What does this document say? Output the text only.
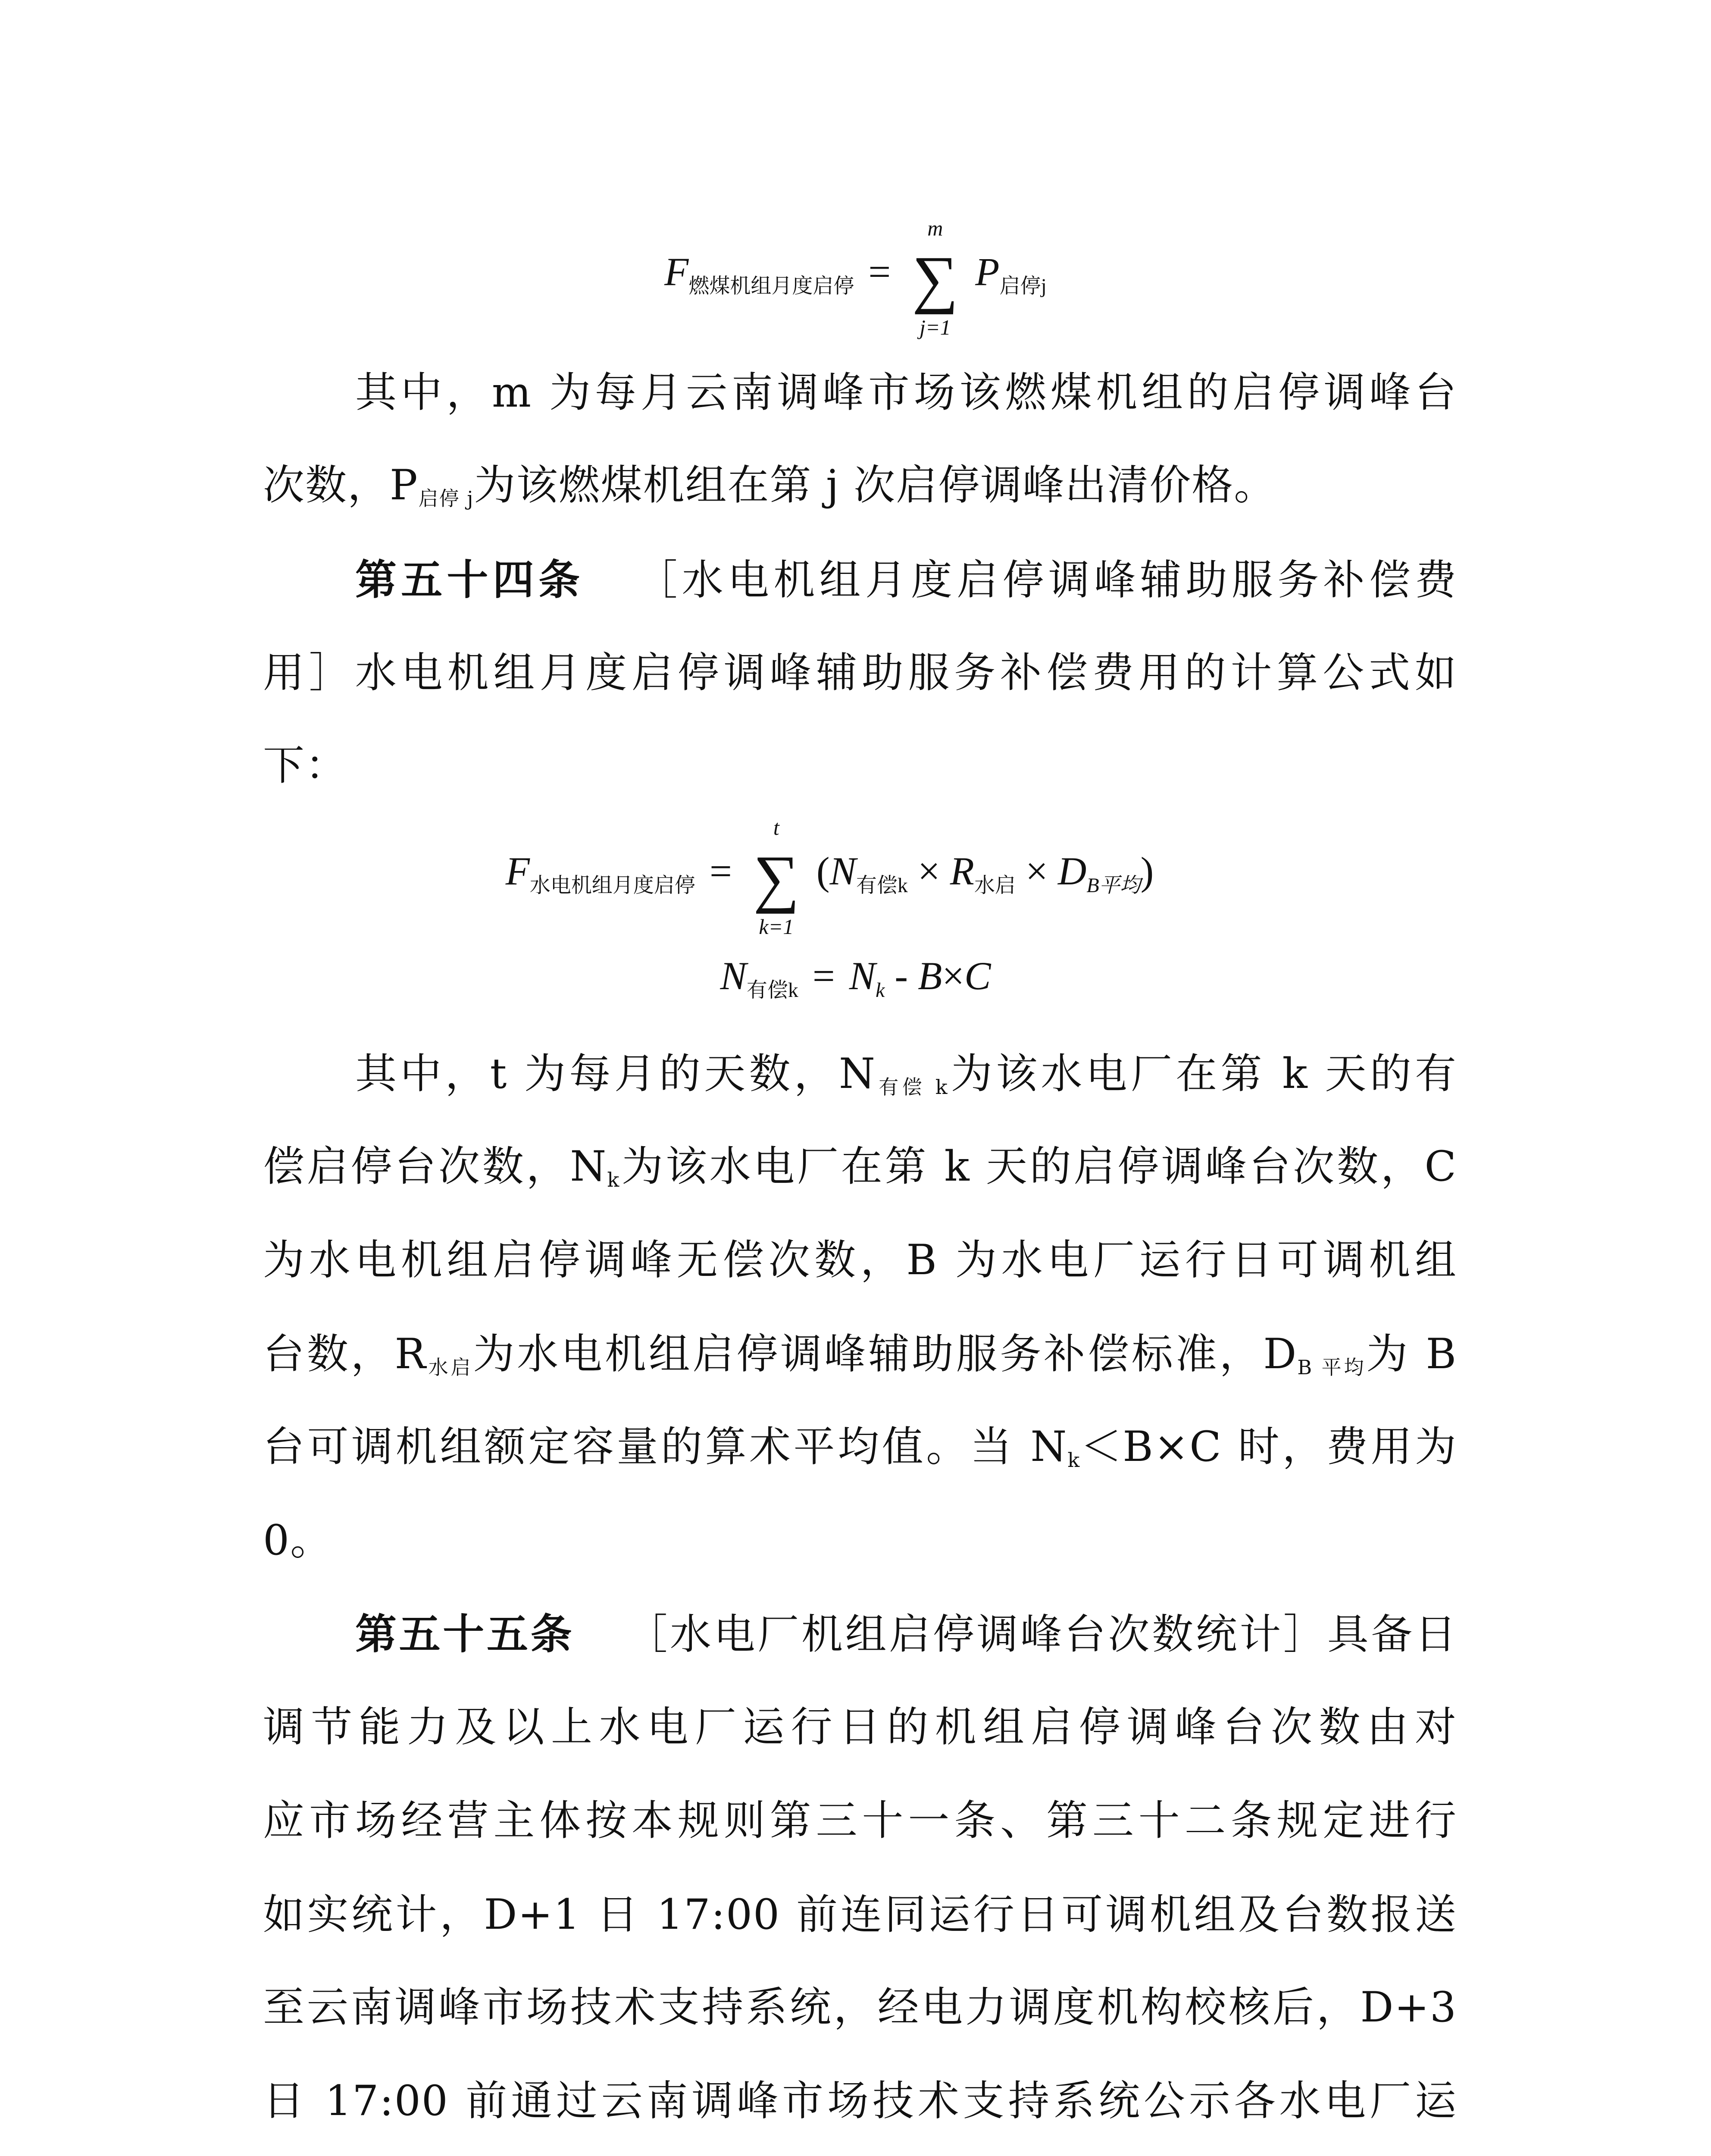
F燃煤机组月度启停 =
m
∑
j=1
P启停j
其中，m 为每月云南调峰市场该燃煤机组的启停调峰台
次数，$P_{启停 j}$为该燃煤机组在第 j 次启停调峰出清价格。
第五十四条 ［水电机组月度启停调峰辅助服务补偿费
用］水电机组月度启停调峰辅助服务补偿费用的计算公式如
下：
F水电机组月度启停 =
t
∑
k=1
(N有偿k × R水启 × DB平均)
N有偿k = Nk - B×C
其中，t 为每月的天数，$N_{有偿 k}$为该水电厂在第 k 天的有
偿启停台次数，$N_k$为该水电厂在第 k 天的启停调峰台次数，C
为水电机组启停调峰无偿次数，B 为水电厂运行日可调机组
台数，$R_{水启}$为水电机组启停调峰辅助服务补偿标准，$D_{B 平均}$为 B
台可调机组额定容量的算术平均值。当 $N_k<B\times C$ 时，费用为
0。
第五十五条 ［水电厂机组启停调峰台次数统计］具备日
调节能力及以上水电厂运行日的机组启停调峰台次数由对
应市场经营主体按本规则第三十一条、第三十二条规定进行
如实统计，D+1 日 17:00 前连同运行日可调机组及台数报送
至云南调峰市场技术支持系统，经电力调度机构校核后，D+3
日 17:00 前通过云南调峰市场技术支持系统公示各水电厂运
